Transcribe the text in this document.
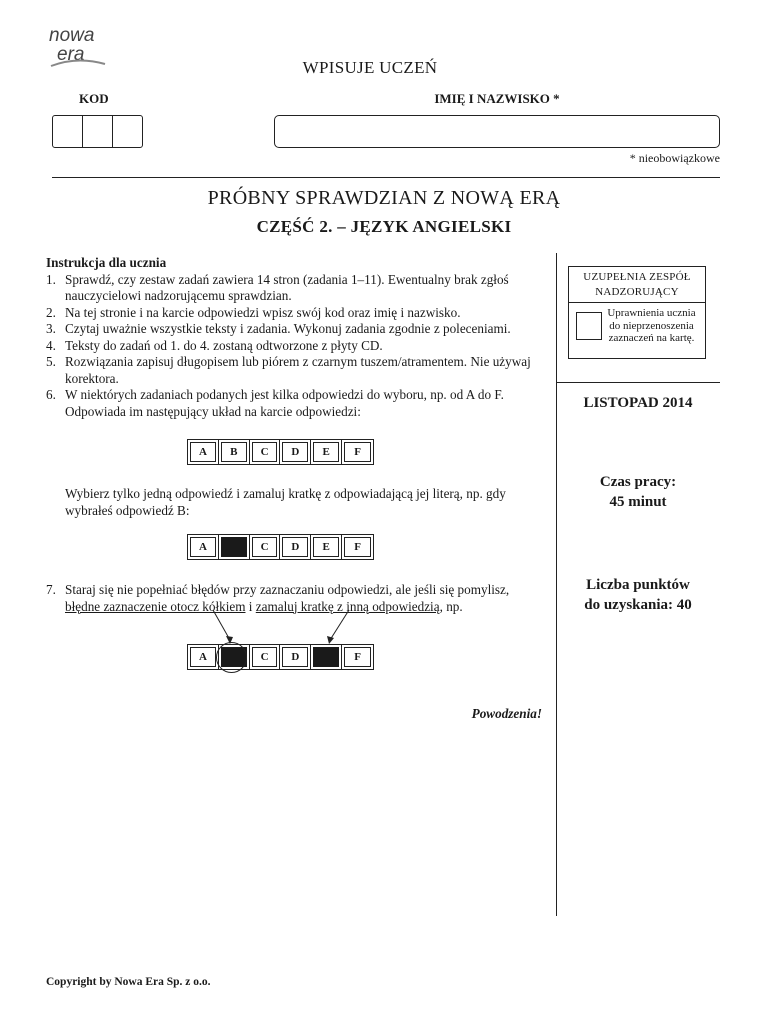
nowa
era
WPISUJE UCZEŃ
KOD	IMIĘ I NAZWISKO *
* nieobowiązkowe
PRÓBNY SPRAWDZIAN Z NOWĄ ERĄ
CZĘŚĆ 2. – JĘZYK ANGIELSKI
Instrukcja dla ucznia
1. Sprawdź, czy zestaw zadań zawiera 14 stron (zadania 1–11). Ewentualny brak zgłoś nauczycielowi nadzorującemu sprawdzian.
2. Na tej stronie i na karcie odpowiedzi wpisz swój kod oraz imię i nazwisko.
3. Czytaj uważnie wszystkie teksty i zadania. Wykonuj zadania zgodnie z poleceniami.
4. Teksty do zadań od 1. do 4. zostaną odtworzone z płyty CD.
5. Rozwiązania zapisuj długopisem lub piórem z czarnym tuszem/atramentem. Nie używaj korektora.
6. W niektórych zadaniach podanych jest kilka odpowiedzi do wyboru, np. od A do F. Odpowiada im następujący układ na karcie odpowiedzi:
A	B	C	D	E	F
Wybierz tylko jedną odpowiedź i zamaluj kratkę z odpowiadającą jej literą, np. gdy wybrałeś odpowiedź B:
A	C	D	E	F
7. Staraj się nie popełniać błędów przy zaznaczaniu odpowiedzi, ale jeśli się pomylisz,
błędne zaznaczenie otocz kółkiem i zamaluj kratkę z inną odpowiedzią, np.
A	C	D	F
Powodzenia!
UZUPEŁNIA ZESPÓŁ
NADZORUJĄCY
Uprawnienia ucznia
do nieprzenoszenia
zaznaczeń na kartę.
LISTOPAD 2014
Czas pracy:
45 minut
Liczba punktów
do uzyskania: 40
Copyright by Nowa Era Sp. z o.o.
